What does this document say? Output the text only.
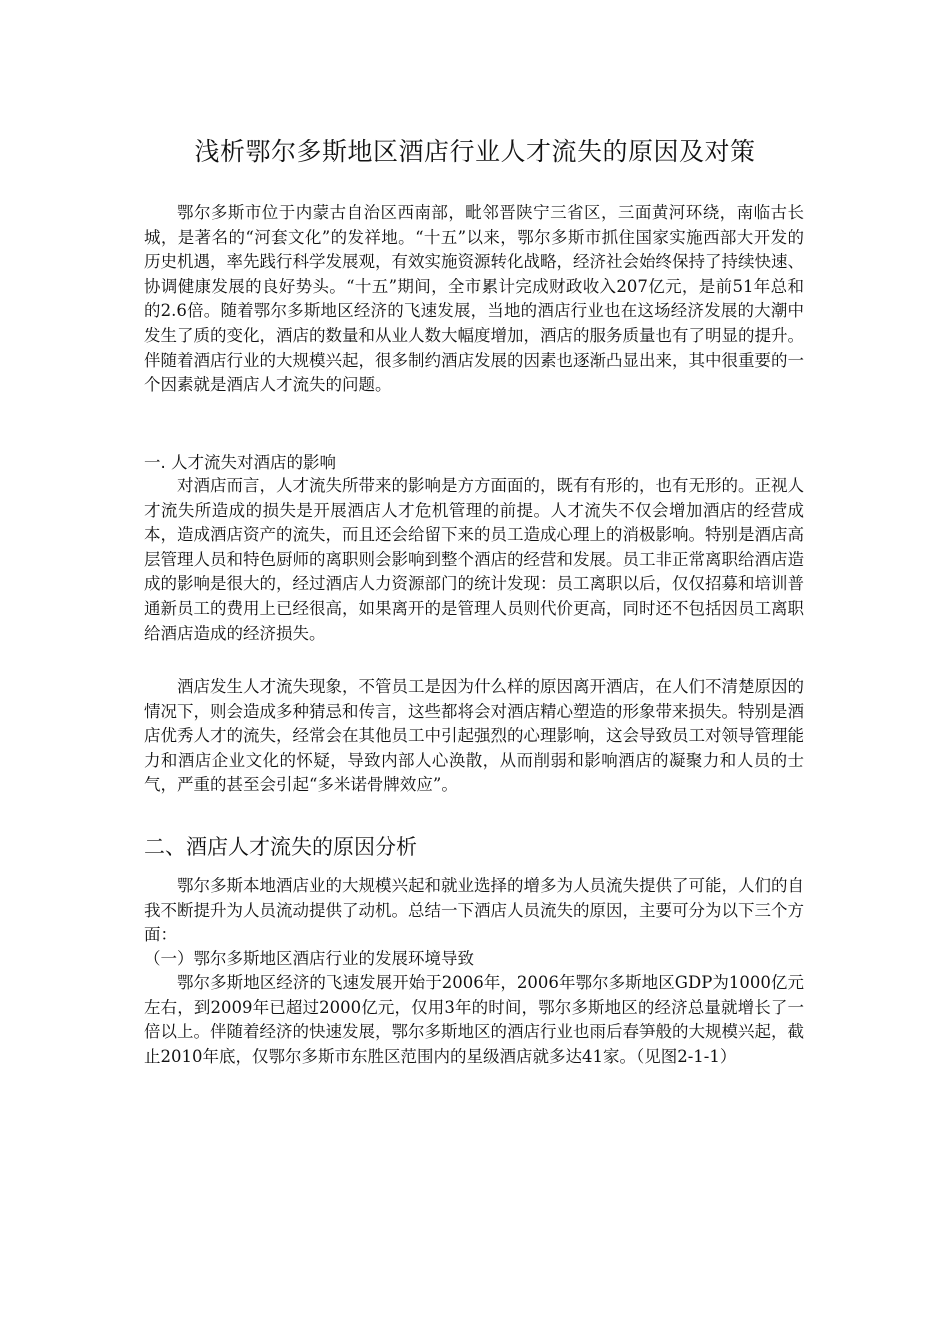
浅析鄂尔多斯地区酒店行业人才流失的原因及对策

鄂尔多斯市位于内蒙古自治区西南部，毗邻晋陕宁三省区，三面黄河环绕，南临古长城，是著名的“河套文化”的发祥地。“十五”以来，鄂尔多斯市抓住国家实施西部大开发的历史机遇，率先践行科学发展观，有效实施资源转化战略，经济社会始终保持了持续快速、协调健康发展的良好势头。“十五”期间，全市累计完成财政收入207亿元，是前51年总和的2.6倍。随着鄂尔多斯地区经济的飞速发展，当地的酒店行业也在这场经济发展的大潮中发生了质的变化，酒店的数量和从业人数大幅度增加，酒店的服务质量也有了明显的提升。伴随着酒店行业的大规模兴起，很多制约酒店发展的因素也逐渐凸显出来，其中很重要的一个因素就是酒店人才流失的问题。

一. 人才流失对酒店的影响

对酒店而言，人才流失所带来的影响是方方面面的，既有有形的，也有无形的。正视人才流失所造成的损失是开展酒店人才危机管理的前提。人才流失不仅会增加酒店的经营成本，造成酒店资产的流失，而且还会给留下来的员工造成心理上的消极影响。特别是酒店高层管理人员和特色厨师的离职则会影响到整个酒店的经营和发展。员工非正常离职给酒店造成的影响是很大的，经过酒店人力资源部门的统计发现：员工离职以后，仅仅招募和培训普通新员工的费用上已经很高，如果离开的是管理人员则代价更高，同时还不包括因员工离职给酒店造成的经济损失。

酒店发生人才流失现象，不管员工是因为什么样的原因离开酒店，在人们不清楚原因的情况下，则会造成多种猜忌和传言，这些都将会对酒店精心塑造的形象带来损失。特别是酒店优秀人才的流失，经常会在其他员工中引起强烈的心理影响，这会导致员工对领导管理能力和酒店企业文化的怀疑，导致内部人心涣散，从而削弱和影响酒店的凝聚力和人员的士气，严重的甚至会引起“多米诺骨牌效应”。

二、酒店人才流失的原因分析

鄂尔多斯本地酒店业的大规模兴起和就业选择的增多为人员流失提供了可能，人们的自我不断提升为人员流动提供了动机。总结一下酒店人员流失的原因，主要可分为以下三个方面：

（一）鄂尔多斯地区酒店行业的发展环境导致

鄂尔多斯地区经济的飞速发展开始于2006年，2006年鄂尔多斯地区GDP为1000亿元左右，到2009年已超过2000亿元，仅用3年的时间，鄂尔多斯地区的经济总量就增长了一倍以上。伴随着经济的快速发展，鄂尔多斯地区的酒店行业也雨后春笋般的大规模兴起，截止2010年底，仅鄂尔多斯市东胜区范围内的星级酒店就多达41家。（见图2-1-1）
